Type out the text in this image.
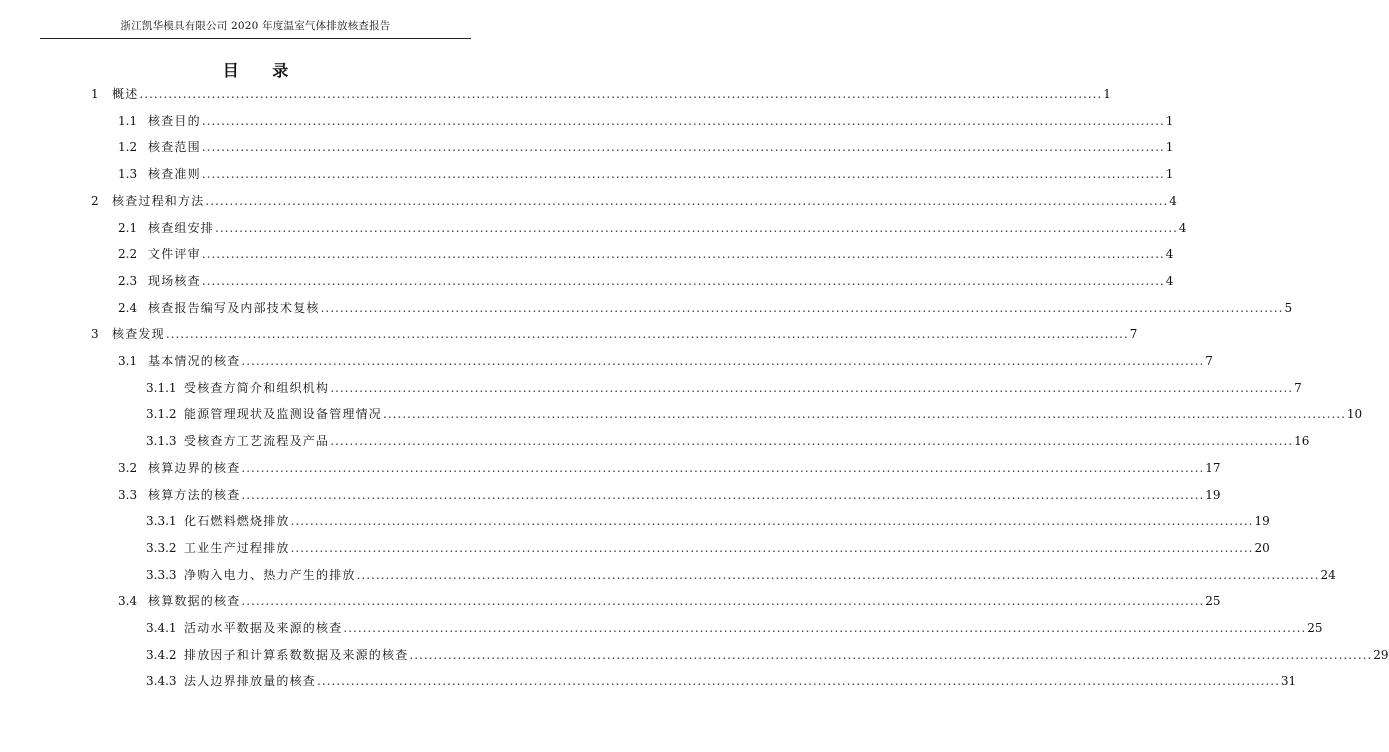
浙江凯华模具有限公司 2020 年度温室气体排放核查报告
目 录
1	概述 ........................................................................................................................................................................................................ 1
1.1 核查目的 ........................................................................................................................................................................................................ 1
1.2 核查范围 ........................................................................................................................................................................................................ 1
1.3 核查准则 ........................................................................................................................................................................................................ 1
2	核查过程和方法 ........................................................................................................................................................................................................ 4
2.1 核查组安排 ........................................................................................................................................................................................................ 4
2.2 文件评审 ........................................................................................................................................................................................................ 4
2.3 现场核查 ........................................................................................................................................................................................................ 4
2.4 核查报告编写及内部技术复核 ........................................................................................................................................................................................................ 5
3	核查发现 ........................................................................................................................................................................................................ 7
3.1 基本情况的核查 ........................................................................................................................................................................................................ 7
3.1.1 受核查方简介和组织机构 ........................................................................................................................................................................................................ 7
3.1.2 能源管理现状及监测设备管理情况 ........................................................................................................................................................................................................ 10
3.1.3 受核查方工艺流程及产品 ........................................................................................................................................................................................................ 16
3.2 核算边界的核查 ........................................................................................................................................................................................................ 17
3.3 核算方法的核查 ........................................................................................................................................................................................................ 19
3.3.1 化石燃料燃烧排放 ........................................................................................................................................................................................................ 19
3.3.2 工业生产过程排放 ........................................................................................................................................................................................................ 20
3.3.3 净购入电力、热力产生的排放 ........................................................................................................................................................................................................ 24
3.4 核算数据的核查 ........................................................................................................................................................................................................ 25
3.4.1 活动水平数据及来源的核查 ........................................................................................................................................................................................................ 25
3.4.2 排放因子和计算系数数据及来源的核查 ........................................................................................................................................................................................................ 29
3.4.3 法人边界排放量的核查 ........................................................................................................................................................................................................ 31
